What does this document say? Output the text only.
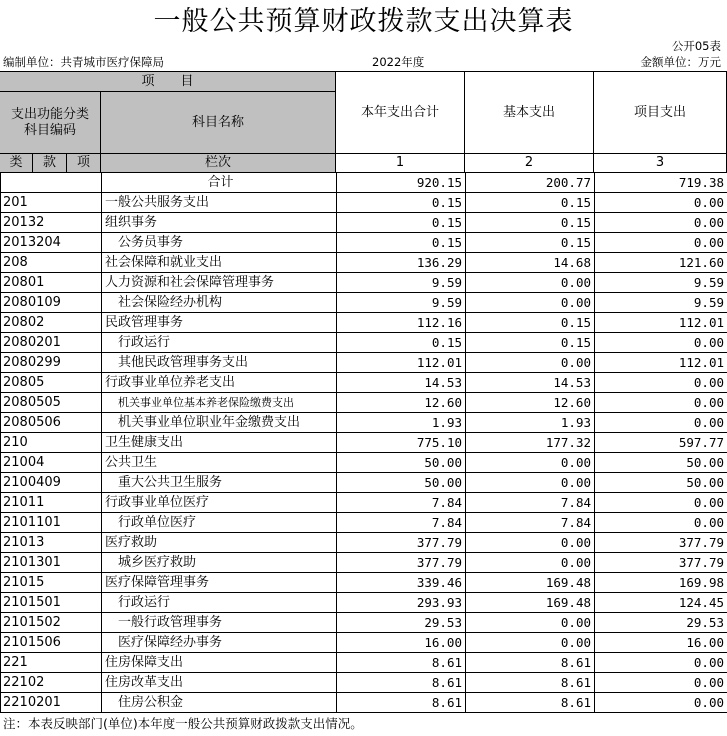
一般公共预算财政拨款支出决算表
公开05表
编制单位：共青城市医疗保障局	2022年度	金额单位：万元
项　　目
支出功能分类
科目编码
科目名称
本年支出合计	基本支出	项目支出
类	款	项	栏次	1	2	3
	合计	920.15	200.77	719.38
201	一般公共服务支出	0.15	0.15	0.00
20132	组织事务	0.15	0.15	0.00
2013204	公务员事务	0.15	0.15	0.00
208	社会保障和就业支出	136.29	14.68	121.60
20801	人力资源和社会保障管理事务	9.59	0.00	9.59
2080109	社会保险经办机构	9.59	0.00	9.59
20802	民政管理事务	112.16	0.15	112.01
2080201	行政运行	0.15	0.15	0.00
2080299	其他民政管理事务支出	112.01	0.00	112.01
20805	行政事业单位养老支出	14.53	14.53	0.00
2080505	机关事业单位基本养老保险缴费支出	12.60	12.60	0.00
2080506	机关事业单位职业年金缴费支出	1.93	1.93	0.00
210	卫生健康支出	775.10	177.32	597.77
21004	公共卫生	50.00	0.00	50.00
2100409	重大公共卫生服务	50.00	0.00	50.00
21011	行政事业单位医疗	7.84	7.84	0.00
2101101	行政单位医疗	7.84	7.84	0.00
21013	医疗救助	377.79	0.00	377.79
2101301	城乡医疗救助	377.79	0.00	377.79
21015	医疗保障管理事务	339.46	169.48	169.98
2101501	行政运行	293.93	169.48	124.45
2101502	一般行政管理事务	29.53	0.00	29.53
2101506	医疗保障经办事务	16.00	0.00	16.00
221	住房保障支出	8.61	8.61	0.00
22102	住房改革支出	8.61	8.61	0.00
2210201	住房公积金	8.61	8.61	0.00
注：本表反映部门(单位)本年度一般公共预算财政拨款支出情况。
